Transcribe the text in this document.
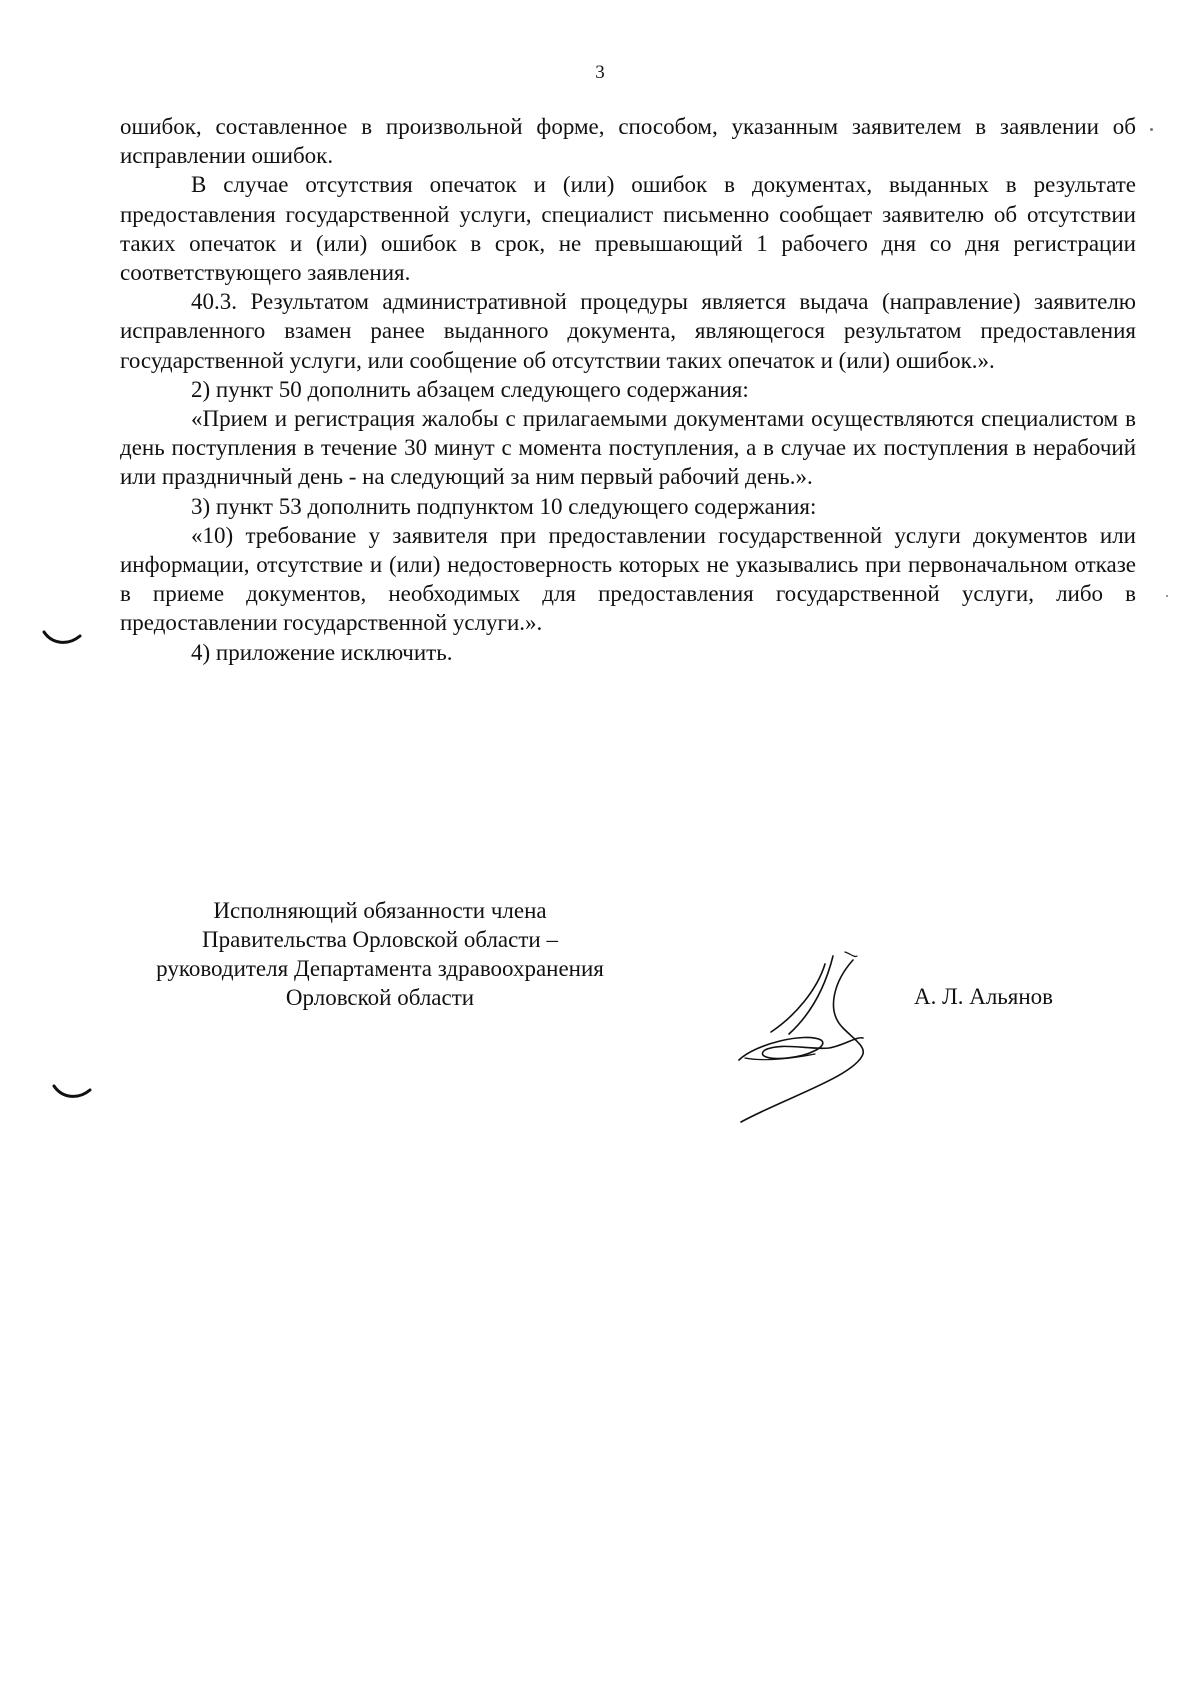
3

ошибок, составленное в произвольной форме, способом, указанным заявителем в заявлении об исправлении ошибок.

В случае отсутствия опечаток и (или) ошибок в документах, выданных в результате предоставления государственной услуги, специалист письменно сообщает заявителю об отсутствии таких опечаток и (или) ошибок в срок, не превышающий 1 рабочего дня со дня регистрации соответствующего заявления.

40.3. Результатом административной процедуры является выдача (направление) заявителю исправленного взамен ранее выданного документа, являющегося результатом предоставления государственной услуги, или сообщение об отсутствии таких опечаток и (или) ошибок.».

2) пункт 50 дополнить абзацем следующего содержания:

«Прием и регистрация жалобы с прилагаемыми документами осуществляются специалистом в день поступления в течение 30 минут с момента поступления, а в случае их поступления в нерабочий или праздничный день - на следующий за ним первый рабочий день.».

3) пункт 53 дополнить подпунктом 10 следующего содержания:

«10) требование у заявителя при предоставлении государственной услуги документов или информации, отсутствие и (или) недостоверность которых не указывались при первоначальном отказе в приеме документов, необходимых для предоставления государственной услуги, либо в предоставлении государственной услуги.».

4) приложение исключить.

Исполняющий обязанности члена
Правительства Орловской области –
руководителя Департамента здравоохранения
Орловской области	А. Л. Альянов
